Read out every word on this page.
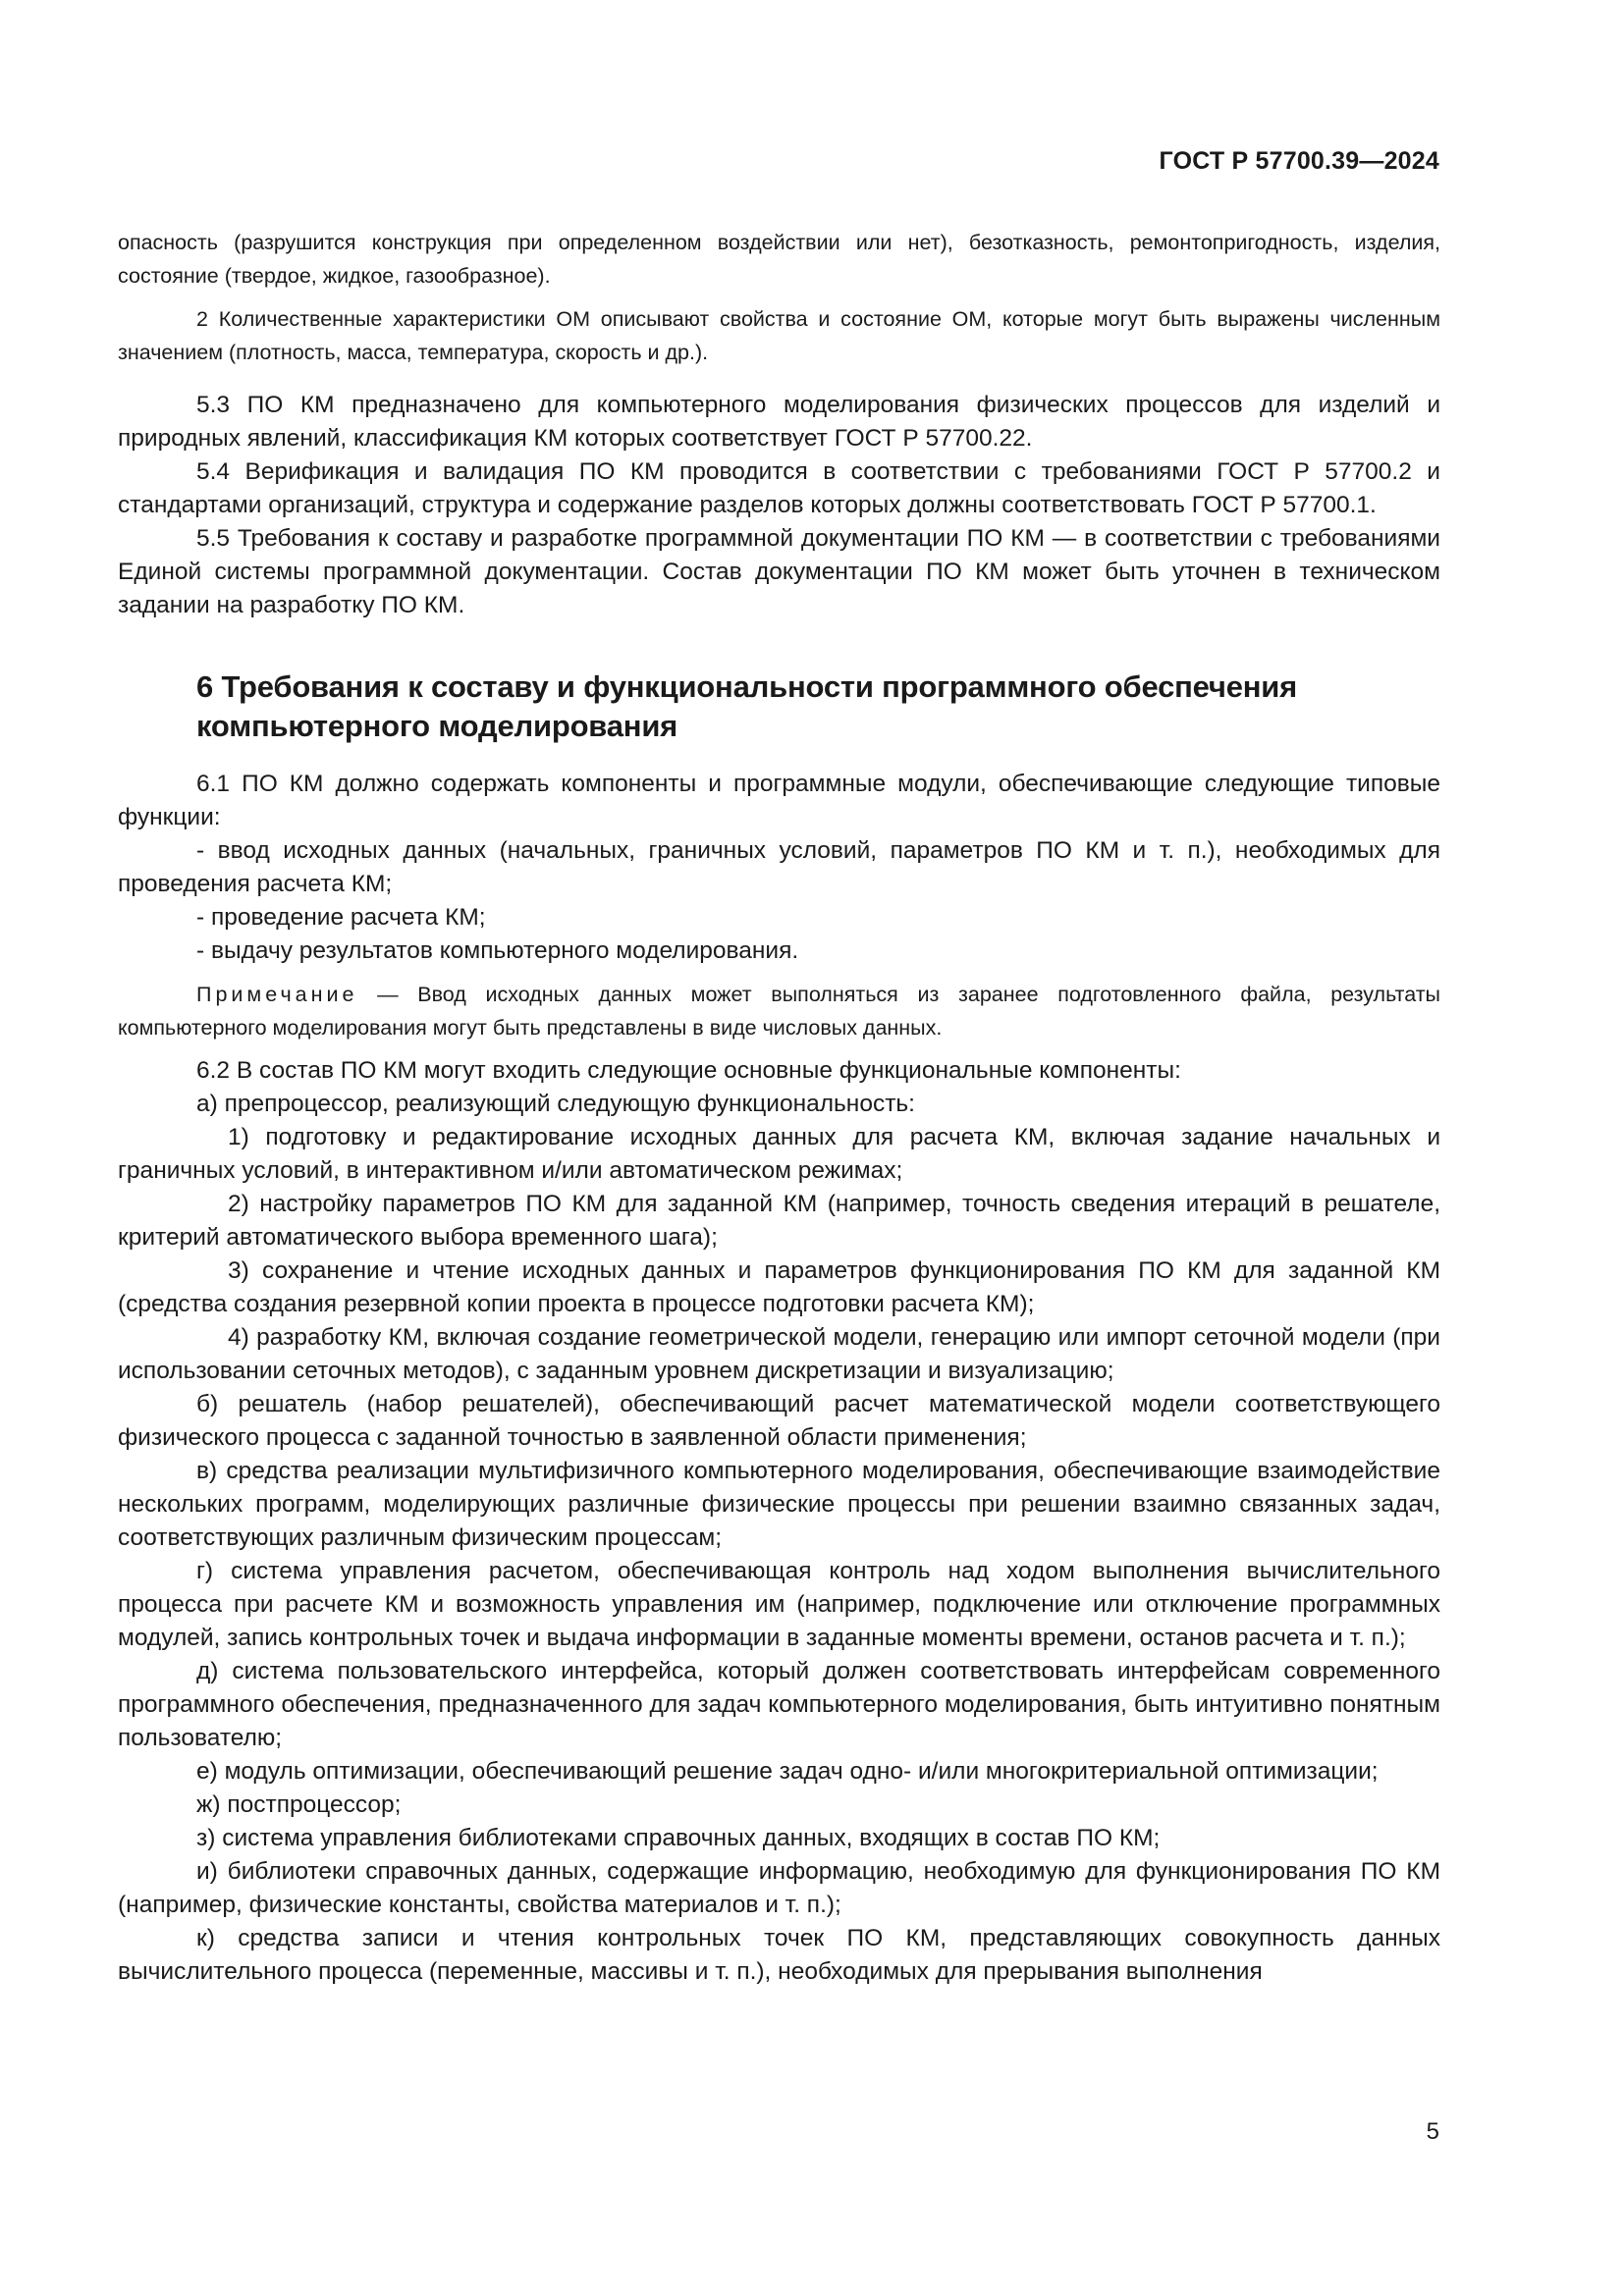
ГОСТ Р 57700.39—2024

опасность (разрушится конструкция при определенном воздействии или нет), безотказность, ремонтопригодность, изделия, состояние (твердое, жидкое, газообразное).

2 Количественные характеристики ОМ описывают свойства и состояние ОМ, которые могут быть выражены численным значением (плотность, масса, температура, скорость и др.).

5.3 ПО КМ предназначено для компьютерного моделирования физических процессов для изделий и природных явлений, классификация КМ которых соответствует ГОСТ Р 57700.22.

5.4 Верификация и валидация ПО КМ проводится в соответствии с требованиями ГОСТ Р 57700.2 и стандартами организаций, структура и содержание разделов которых должны соответствовать ГОСТ Р 57700.1.

5.5 Требования к составу и разработке программной документации ПО КМ — в соответствии с требованиями Единой системы программной документации. Состав документации ПО КМ может быть уточнен в техническом задании на разработку ПО КМ.

6 Требования к составу и функциональности программного обеспечения компьютерного моделирования

6.1 ПО КМ должно содержать компоненты и программные модули, обеспечивающие следующие типовые функции:

- ввод исходных данных (начальных, граничных условий, параметров ПО КМ и т. п.), необходимых для проведения расчета КМ;

- проведение расчета КМ;

- выдачу результатов компьютерного моделирования.

Примечание — Ввод исходных данных может выполняться из заранее подготовленного файла, результаты компьютерного моделирования могут быть представлены в виде числовых данных.

6.2 В состав ПО КМ могут входить следующие основные функциональные компоненты:

а) препроцессор, реализующий следующую функциональность:

1) подготовку и редактирование исходных данных для расчета КМ, включая задание начальных и граничных условий, в интерактивном и/или автоматическом режимах;

2) настройку параметров ПО КМ для заданной КМ (например, точность сведения итераций в решателе, критерий автоматического выбора временного шага);

3) сохранение и чтение исходных данных и параметров функционирования ПО КМ для заданной КМ (средства создания резервной копии проекта в процессе подготовки расчета КМ);

4) разработку КМ, включая создание геометрической модели, генерацию или импорт сеточной модели (при использовании сеточных методов), с заданным уровнем дискретизации и визуализацию;

б) решатель (набор решателей), обеспечивающий расчет математической модели соответствующего физического процесса с заданной точностью в заявленной области применения;

в) средства реализации мультифизичного компьютерного моделирования, обеспечивающие взаимодействие нескольких программ, моделирующих различные физические процессы при решении взаимно связанных задач, соответствующих различным физическим процессам;

г) система управления расчетом, обеспечивающая контроль над ходом выполнения вычислительного процесса при расчете КМ и возможность управления им (например, подключение или отключение программных модулей, запись контрольных точек и выдача информации в заданные моменты времени, останов расчета и т. п.);

д) система пользовательского интерфейса, который должен соответствовать интерфейсам современного программного обеспечения, предназначенного для задач компьютерного моделирования, быть интуитивно понятным пользователю;

е) модуль оптимизации, обеспечивающий решение задач одно- и/или многокритериальной оптимизации;

ж) постпроцессор;

з) система управления библиотеками справочных данных, входящих в состав ПО КМ;

и) библиотеки справочных данных, содержащие информацию, необходимую для функционирования ПО КМ (например, физические константы, свойства материалов и т. п.);

к) средства записи и чтения контрольных точек ПО КМ, представляющих совокупность данных вычислительного процесса (переменные, массивы и т. п.), необходимых для прерывания выполнения

5
